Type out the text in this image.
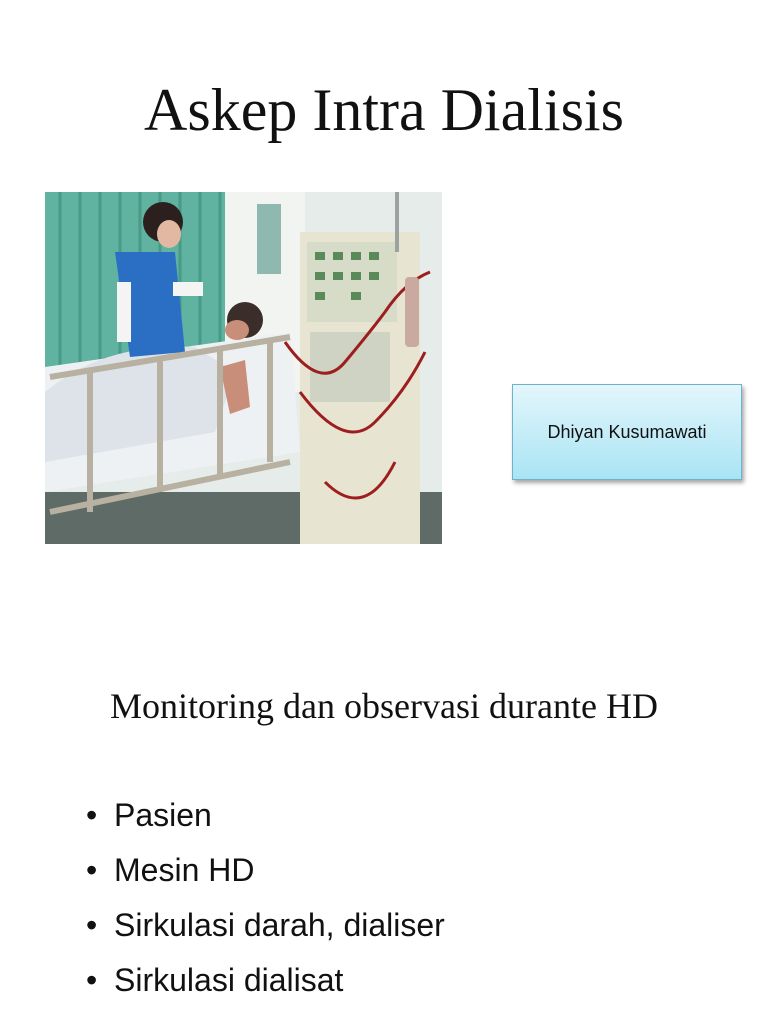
Askep Intra Dialisis
Dhiyan Kusumawati
Monitoring dan observasi durante HD
• Pasien
• Mesin HD
• Sirkulasi darah, dialiser
• Sirkulasi dialisat
